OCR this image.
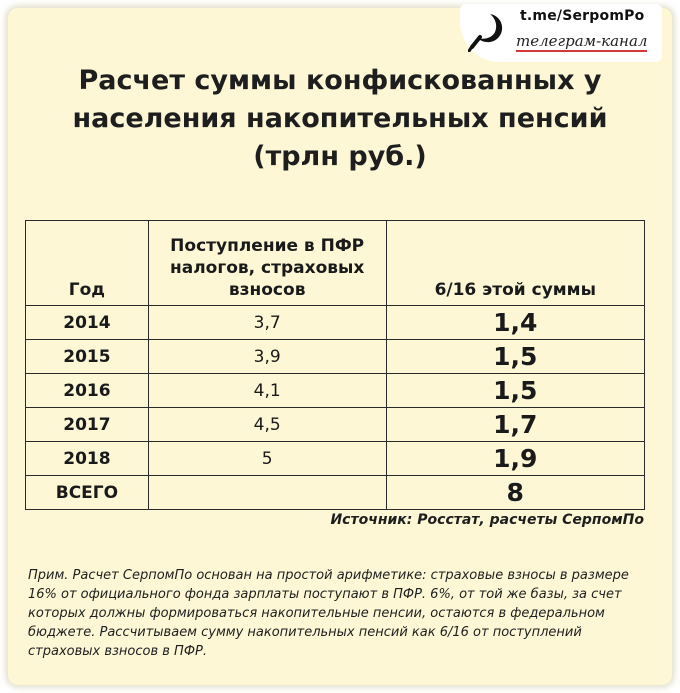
t.me/SerpomPo
телеграм-канал
Расчет суммы конфискованных у
населения накопительных пенсий
(трлн руб.)
Год	Поступление в ПФР
налогов, страховых
взносов	6/16 этой суммы
2014	3,7	1,4
2015	3,9	1,5
2016	4,1	1,5
2017	4,5	1,7
2018	5	1,9
ВСЕГО		8
Источник: Росстат, расчеты СерпомПо

Прим. Расчет СерпомПо основан на простой арифметике: страховые взносы в размере 16% от официального фонда зарплаты поступают в ПФР. 6%, от той же базы, за счет которых должны формироваться накопительные пенсии, остаются в федеральном бюджете. Рассчитываем сумму накопительных пенсий как 6/16 от поступлений страховых взносов в ПФР.
